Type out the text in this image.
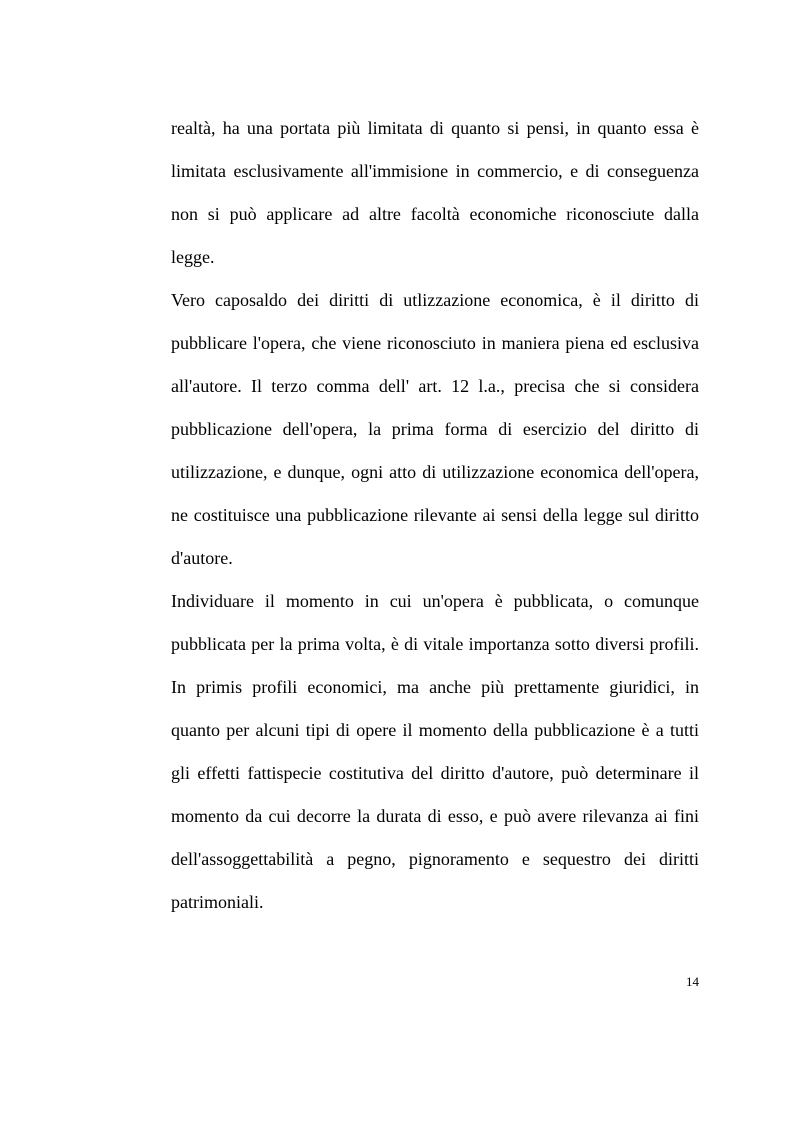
realtà, ha una portata più limitata di quanto si pensi, in quanto essa è limitata esclusivamente all'immisione in commercio, e di conseguenza non si può applicare ad altre facoltà economiche riconosciute dalla legge.

Vero caposaldo dei diritti di utlizzazione economica, è il diritto di pubblicare l'opera, che viene riconosciuto in maniera piena ed esclusiva all'autore. Il terzo comma dell' art. 12 l.a., precisa che si considera pubblicazione dell'opera, la prima forma di esercizio del diritto di utilizzazione, e dunque, ogni atto di utilizzazione economica dell'opera, ne costituisce una pubblicazione rilevante ai sensi della legge sul diritto d'autore.

Individuare il momento in cui un'opera è pubblicata, o comunque pubblicata per la prima volta, è di vitale importanza sotto diversi profili. In primis profili economici, ma anche più prettamente giuridici, in quanto per alcuni tipi di opere il momento della pubblicazione è a tutti gli effetti fattispecie costitutiva del diritto d'autore, può determinare il momento da cui decorre la durata di esso, e può avere rilevanza ai fini dell'assoggettabilità a pegno, pignoramento e sequestro dei diritti patrimoniali.

14
